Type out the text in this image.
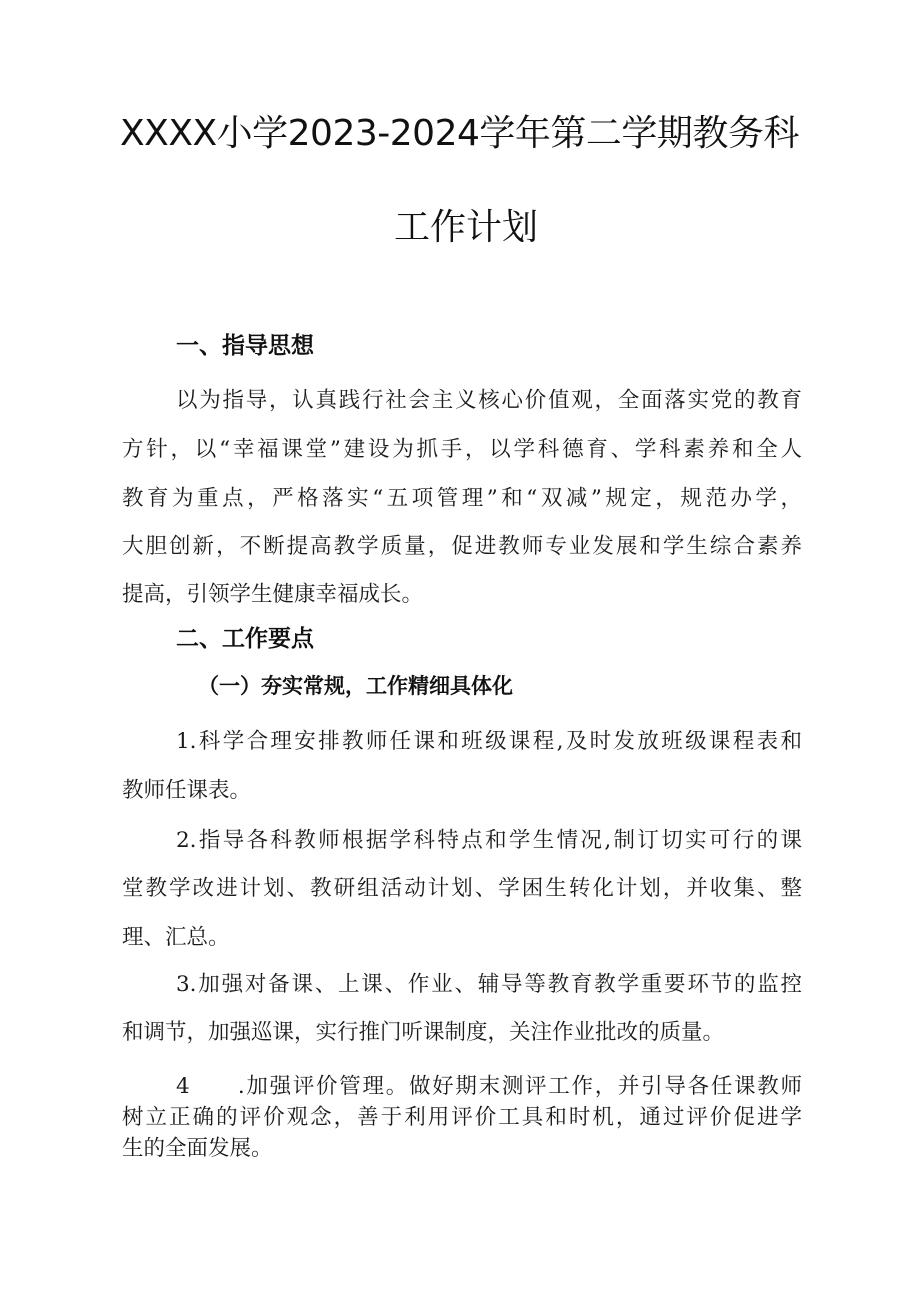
XXXX小学2023-2024学年第二学期教务科
工作计划
一、指导思想
以为指导，认真践行社会主义核心价值观，全面落实党的教育
方针，以“幸福课堂”建设为抓手，以学科德育、学科素养和全人
教育为重点，严格落实“五项管理”和“双减”规定，规范办学，
大胆创新，不断提高教学质量，促进教师专业发展和学生综合素养
提高，引领学生健康幸福成长。
二、工作要点
（一）夯实常规，工作精细具体化
1.科学合理安排教师任课和班级课程,及时发放班级课程表和
教师任课表。
2.指导各科教师根据学科特点和学生情况,制订切实可行的课
堂教学改进计划、教研组活动计划、学困生转化计划，并收集、整
理、汇总。
3.加强对备课、上课、作业、辅导等教育教学重要环节的监控
和调节，加强巡课，实行推门听课制度，关注作业批改的质量。
4　　.加强评价管理。做好期末测评工作，并引导各任课教师
树立正确的评价观念，善于利用评价工具和时机，通过评价促进学
生的全面发展。
